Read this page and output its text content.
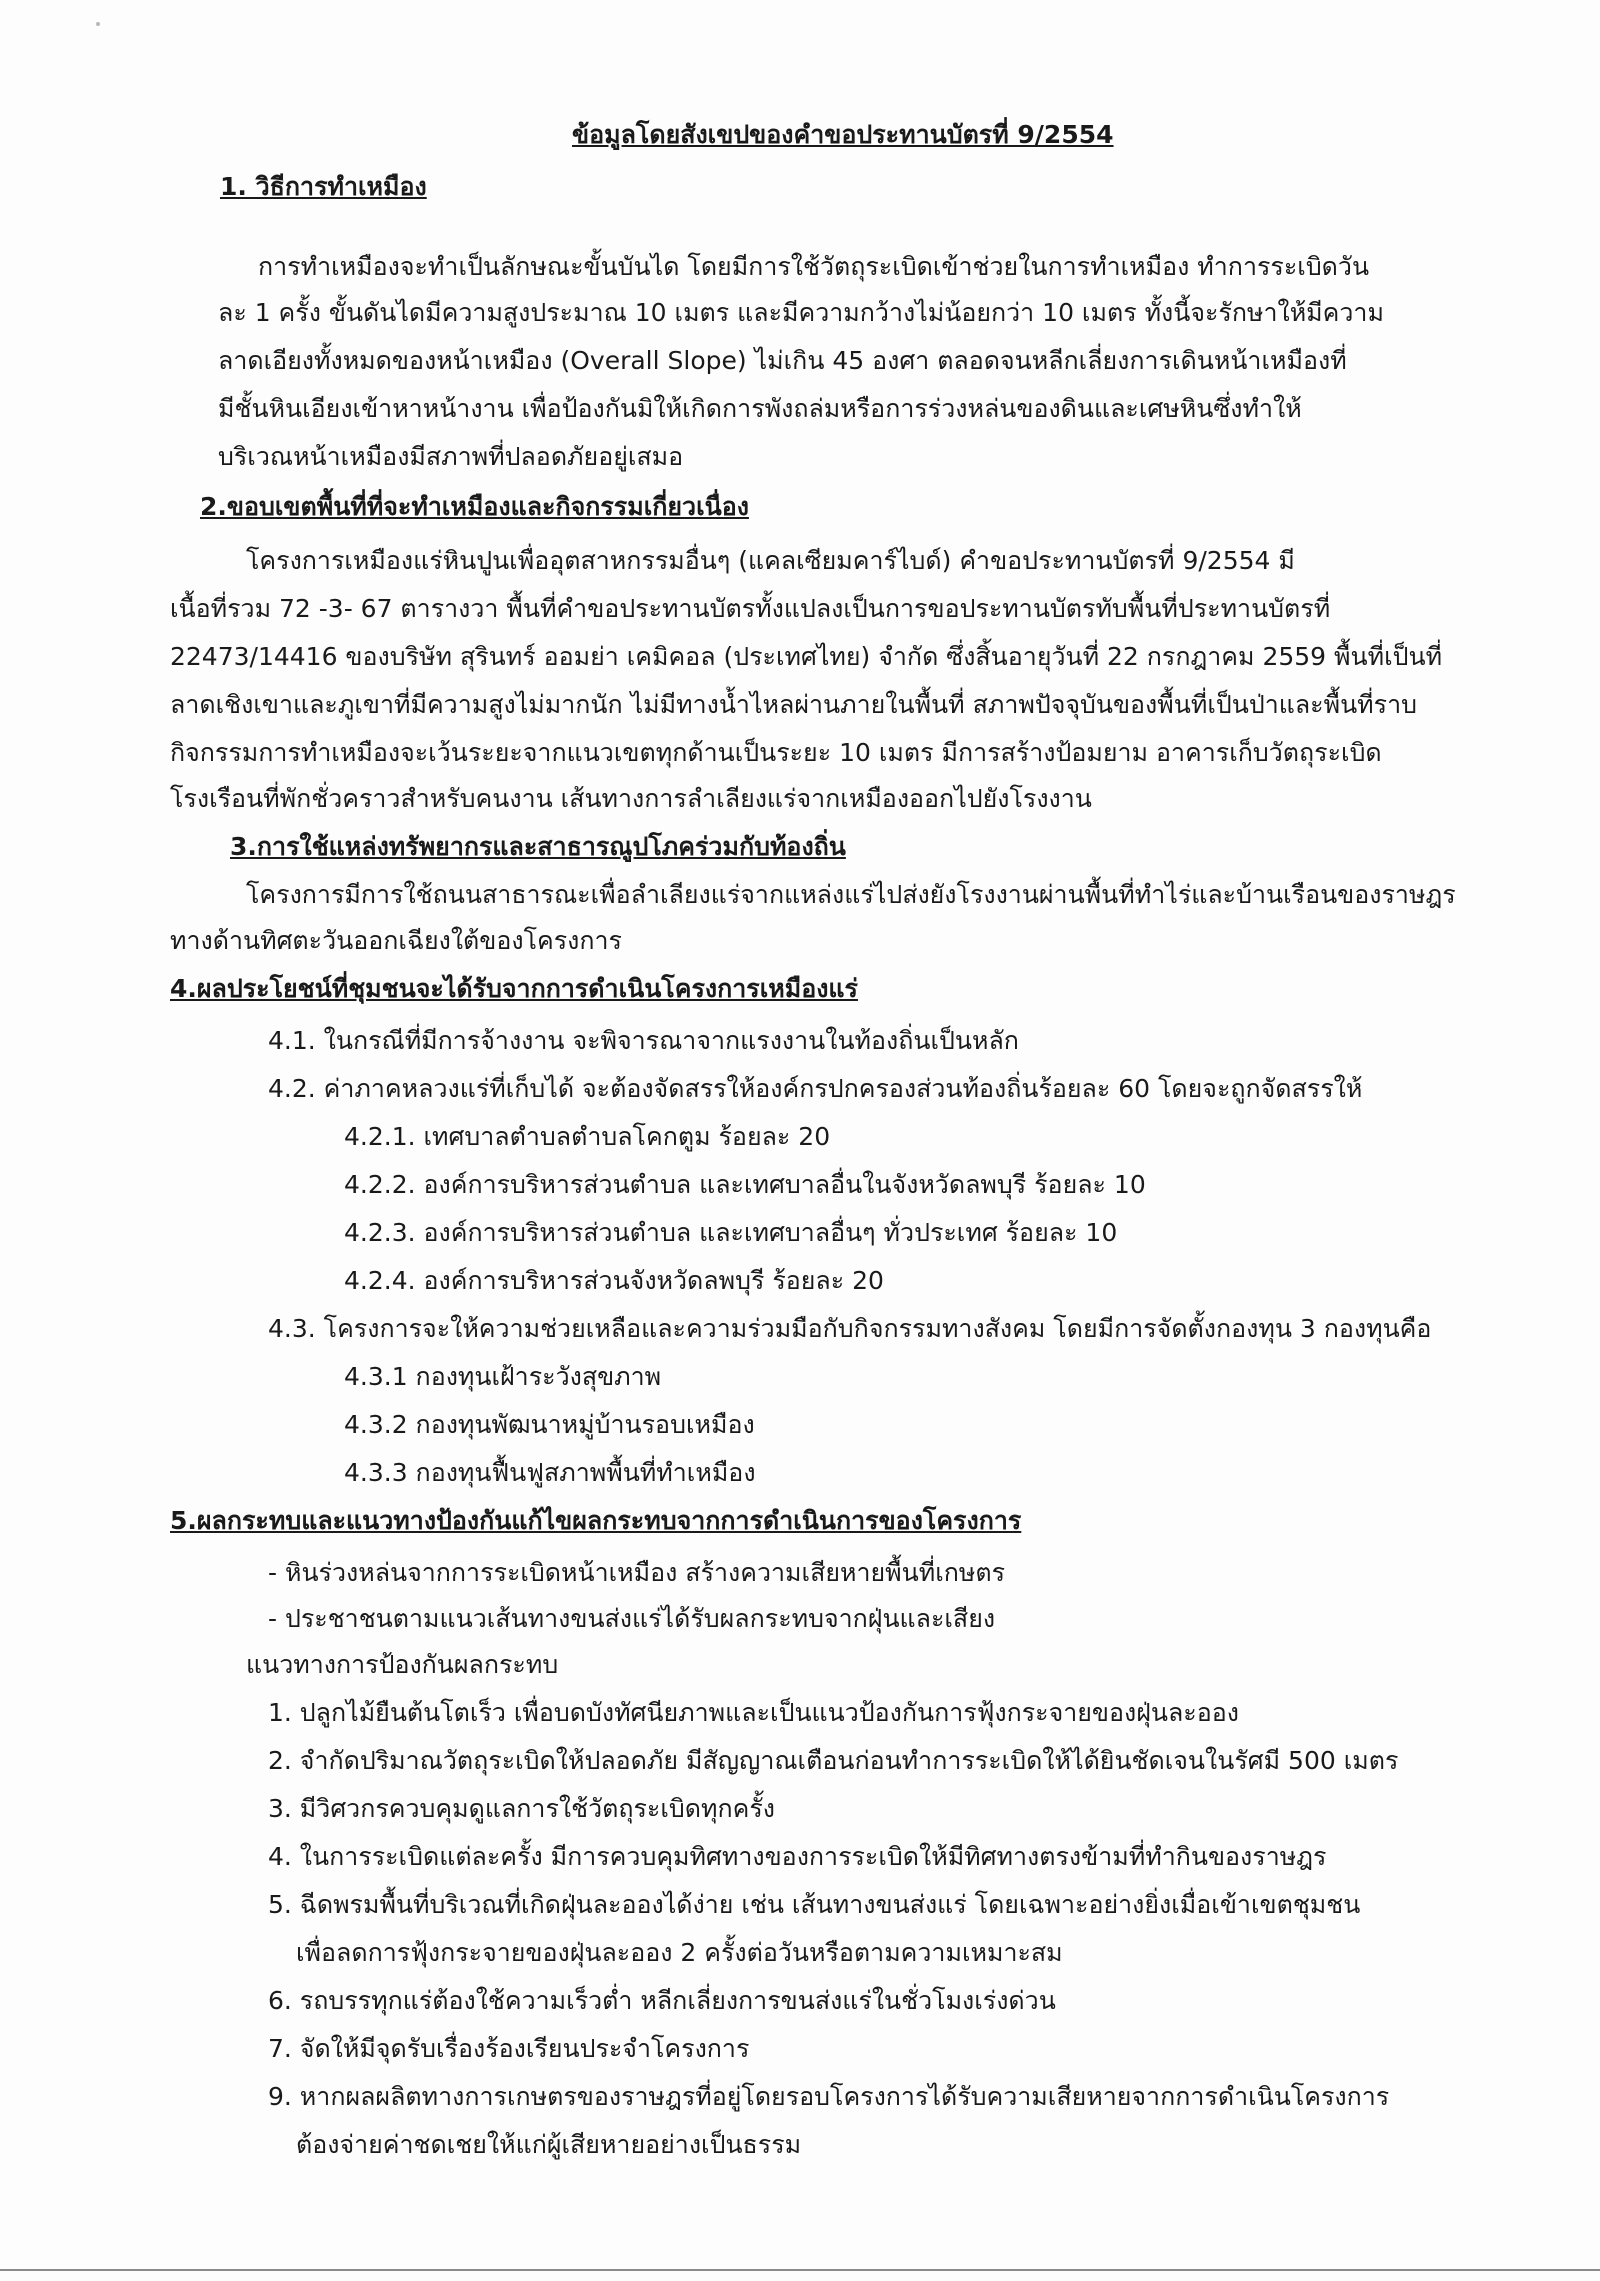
ข้อมูลโดยสังเขปของคำขอประทานบัตรที่ 9/2554
1. วิธีการทำเหมือง
การทำเหมืองจะทำเป็นลักษณะขั้นบันได โดยมีการใช้วัตถุระเบิดเข้าช่วยในการทำเหมือง ทำการระเบิดวัน
ละ 1 ครั้ง ขั้นดันไดมีความสูงประมาณ 10 เมตร และมีความกว้างไม่น้อยกว่า 10 เมตร ทั้งนี้จะรักษาให้มีความ
ลาดเอียงทั้งหมดของหน้าเหมือง (Overall Slope) ไม่เกิน 45 องศา ตลอดจนหลีกเลี่ยงการเดินหน้าเหมืองที่
มีชั้นหินเอียงเข้าหาหน้างาน เพื่อป้องกันมิให้เกิดการพังถล่มหรือการร่วงหล่นของดินและเศษหินซึ่งทำให้
บริเวณหน้าเหมืองมีสภาพที่ปลอดภัยอยู่เสมอ
2.ขอบเขตพื้นที่ที่จะทำเหมืองและกิจกรรมเกี่ยวเนื่อง
โครงการเหมืองแร่หินปูนเพื่ออุตสาหกรรมอื่นๆ (แคลเซียมคาร์ไบด์) คำขอประทานบัตรที่ 9/2554 มี
เนื้อที่รวม 72 -3- 67 ตารางวา พื้นที่คำขอประทานบัตรทั้งแปลงเป็นการขอประทานบัตรทับพื้นที่ประทานบัตรที่
22473/14416 ของบริษัท สุรินทร์ ออมย่า เคมิคอล (ประเทศไทย) จำกัด ซึ่งสิ้นอายุวันที่ 22 กรกฎาคม 2559 พื้นที่เป็นที่
ลาดเชิงเขาและภูเขาที่มีความสูงไม่มากนัก ไม่มีทางน้ำไหลผ่านภายในพื้นที่ สภาพปัจจุบันของพื้นที่เป็นป่าและพื้นที่ราบ
กิจกรรมการทำเหมืองจะเว้นระยะจากแนวเขตทุกด้านเป็นระยะ 10 เมตร มีการสร้างป้อมยาม อาคารเก็บวัตถุระเบิด
โรงเรือนที่พักชั่วคราวสำหรับคนงาน เส้นทางการลำเลียงแร่จากเหมืองออกไปยังโรงงาน
3.การใช้แหล่งทรัพยากรและสาธารณูปโภคร่วมกับท้องถิ่น
โครงการมีการใช้ถนนสาธารณะเพื่อลำเลียงแร่จากแหล่งแร่ไปส่งยังโรงงานผ่านพื้นที่ทำไร่และบ้านเรือนของราษฎร
ทางด้านทิศตะวันออกเฉียงใต้ของโครงการ
4.ผลประโยชน์ที่ชุมชนจะได้รับจากการดำเนินโครงการเหมืองแร่
4.1. ในกรณีที่มีการจ้างงาน จะพิจารณาจากแรงงานในท้องถิ่นเป็นหลัก
4.2. ค่าภาคหลวงแร่ที่เก็บได้ จะต้องจัดสรรให้องค์กรปกครองส่วนท้องถิ่นร้อยละ 60 โดยจะถูกจัดสรรให้
4.2.1. เทศบาลตำบลตำบลโคกตูม ร้อยละ 20
4.2.2. องค์การบริหารส่วนตำบล และเทศบาลอื่นในจังหวัดลพบุรี ร้อยละ 10
4.2.3. องค์การบริหารส่วนตำบล และเทศบาลอื่นๆ ทั่วประเทศ ร้อยละ 10
4.2.4. องค์การบริหารส่วนจังหวัดลพบุรี ร้อยละ 20
4.3. โครงการจะให้ความช่วยเหลือและความร่วมมือกับกิจกรรมทางสังคม โดยมีการจัดตั้งกองทุน 3 กองทุนคือ
4.3.1 กองทุนเฝ้าระวังสุขภาพ
4.3.2 กองทุนพัฒนาหมู่บ้านรอบเหมือง
4.3.3 กองทุนฟื้นฟูสภาพพื้นที่ทำเหมือง
5.ผลกระทบและแนวทางป้องกันแก้ไขผลกระทบจากการดำเนินการของโครงการ
- หินร่วงหล่นจากการระเบิดหน้าเหมือง สร้างความเสียหายพื้นที่เกษตร
- ประชาชนตามแนวเส้นทางขนส่งแร่ได้รับผลกระทบจากฝุ่นและเสียง
แนวทางการป้องกันผลกระทบ
1. ปลูกไม้ยืนต้นโตเร็ว เพื่อบดบังทัศนียภาพและเป็นแนวป้องกันการฟุ้งกระจายของฝุ่นละออง
2. จำกัดปริมาณวัตถุระเบิดให้ปลอดภัย มีสัญญาณเตือนก่อนทำการระเบิดให้ได้ยินชัดเจนในรัศมี 500 เมตร
3. มีวิศวกรควบคุมดูแลการใช้วัตถุระเบิดทุกครั้ง
4. ในการระเบิดแต่ละครั้ง มีการควบคุมทิศทางของการระเบิดให้มีทิศทางตรงข้ามที่ทำกินของราษฎร
5. ฉีดพรมพื้นที่บริเวณที่เกิดฝุ่นละอองได้ง่าย เช่น เส้นทางขนส่งแร่ โดยเฉพาะอย่างยิ่งเมื่อเข้าเขตชุมชน
เพื่อลดการฟุ้งกระจายของฝุ่นละออง 2 ครั้งต่อวันหรือตามความเหมาะสม
6. รถบรรทุกแร่ต้องใช้ความเร็วต่ำ หลีกเลี่ยงการขนส่งแร่ในชั่วโมงเร่งด่วน
7. จัดให้มีจุดรับเรื่องร้องเรียนประจำโครงการ
9. หากผลผลิตทางการเกษตรของราษฎรที่อยู่โดยรอบโครงการได้รับความเสียหายจากการดำเนินโครงการ
ต้องจ่ายค่าชดเชยให้แก่ผู้เสียหายอย่างเป็นธรรม
